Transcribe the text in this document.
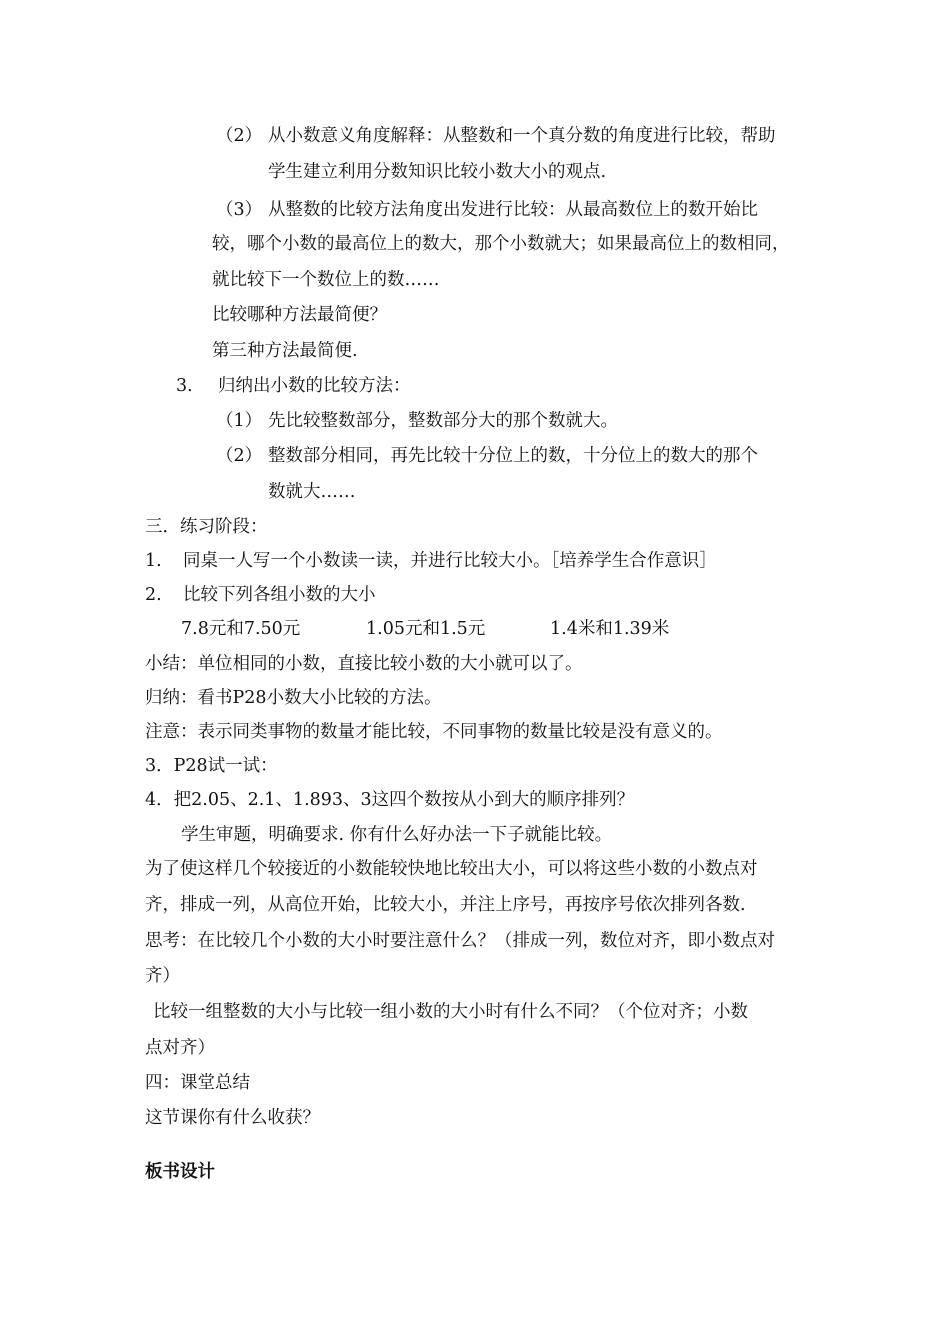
（2） 从小数意义角度解释：从整数和一个真分数的角度进行比较，帮助
学生建立利用分数知识比较小数大小的观点.
（3） 从整数的比较方法角度出发进行比较：从最高数位上的数开始比
较，哪个小数的最高位上的数大，那个小数就大；如果最高位上的数相同，
就比较下一个数位上的数……
比较哪种方法最简便？
第三种方法最简便.
3. 归纳出小数的比较方法：
（1） 先比较整数部分，整数部分大的那个数就大。
（2） 整数部分相同，再先比较十分位上的数，十分位上的数大的那个
数就大……
三．练习阶段：
1. 同桌一人写一个小数读一读，并进行比较大小。［培养学生合作意识］
2. 比较下列各组小数的大小
7.8元和7.50元	1.05元和1.5元	1.4米和1.39米
小结：单位相同的小数，直接比较小数的大小就可以了。
归纳：看书P28小数大小比较的方法。
注意：表示同类事物的数量才能比较，不同事物的数量比较是没有意义的。
3．P28试一试：
4．把2.05、2.1、1.893、3这四个数按从小到大的顺序排列？
学生审题，明确要求. 你有什么好办法一下子就能比较。
为了使这样几个较接近的小数能较快地比较出大小，可以将这些小数的小数点对
齐，排成一列，从高位开始，比较大小，并注上序号，再按序号依次排列各数.
思考：在比较几个小数的大小时要注意什么？（排成一列，数位对齐，即小数点对
齐）
比较一组整数的大小与比较一组小数的大小时有什么不同？（个位对齐；小数
点对齐）
四：课堂总结
这节课你有什么收获？
板书设计
